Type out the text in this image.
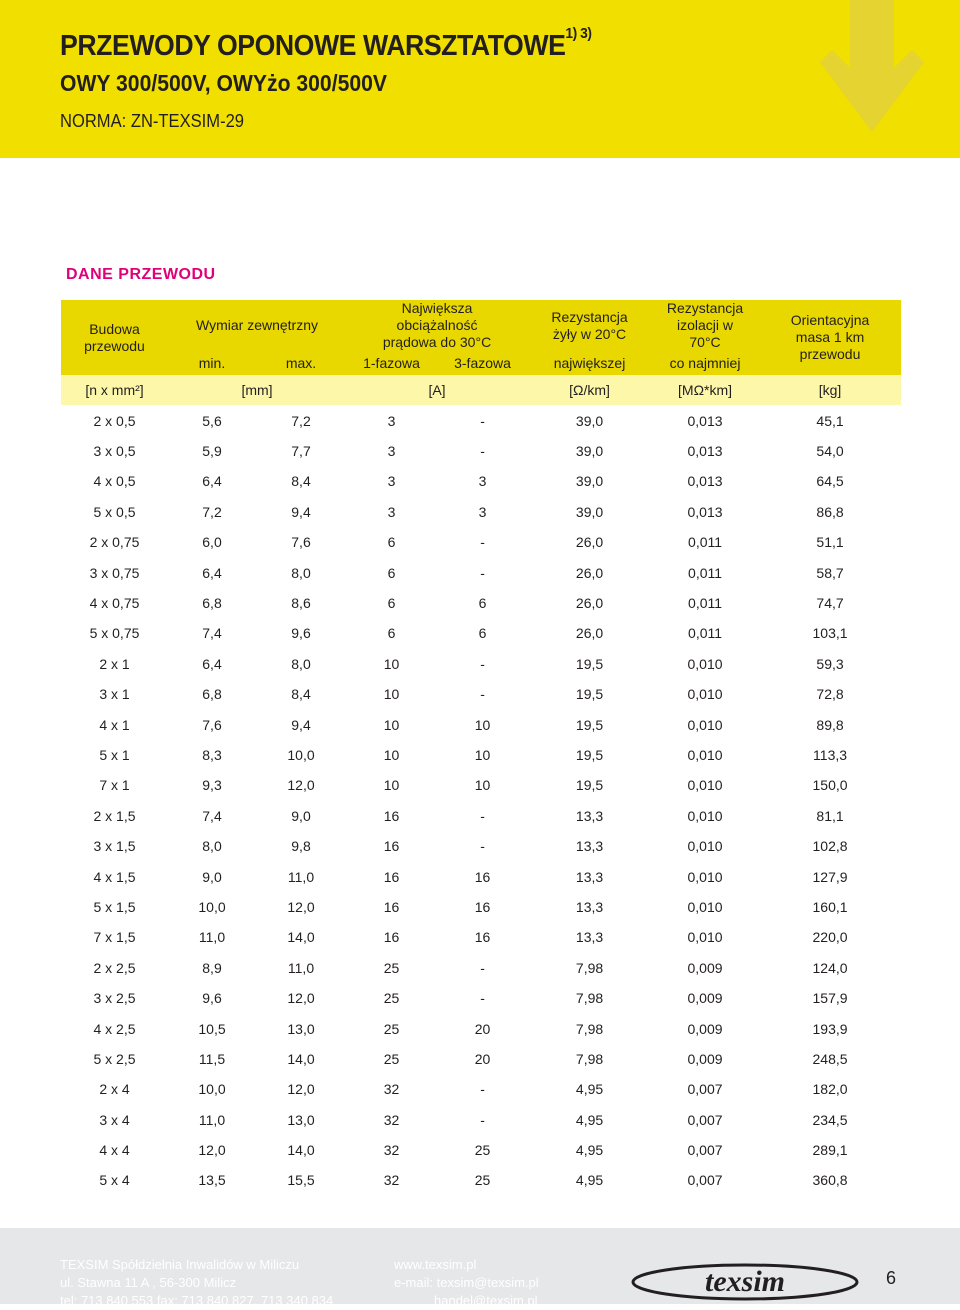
PRZEWODY OPONOWE $WARSZTATOWE^{1) 3)}$
OWY 300/500V, OWYżo 300/500V
NORMA: ZN-TEXSIM-29
DANE PRZEWODU
Budowa przewodu	Wymiar zewnętrzny		Największa obciążalność prądowa do 30°C		Rezystancja żyły w 20°C	Rezystancja izolacji w 70°C	Orientacyjna masa 1 km przewodu
	min.	max.	1-fazowa	3-fazowa	największej	co najmniej	
[n x mm²]	[mm]		[A]		[Ω/km]	[MΩ*km]	[kg]
2 x 0,5	5,6	7,2	3	-	39,0	0,013	45,1
3 x 0,5	5,9	7,7	3	-	39,0	0,013	54,0
4 x 0,5	6,4	8,4	3	3	39,0	0,013	64,5
5 x 0,5	7,2	9,4	3	3	39,0	0,013	86,8
2 x 0,75	6,0	7,6	6	-	26,0	0,011	51,1
3 x 0,75	6,4	8,0	6	-	26,0	0,011	58,7
4 x 0,75	6,8	8,6	6	6	26,0	0,011	74,7
5 x 0,75	7,4	9,6	6	6	26,0	0,011	103,1
2 x 1	6,4	8,0	10	-	19,5	0,010	59,3
3 x 1	6,8	8,4	10	-	19,5	0,010	72,8
4 x 1	7,6	9,4	10	10	19,5	0,010	89,8
5 x 1	8,3	10,0	10	10	19,5	0,010	113,3
7 x 1	9,3	12,0	10	10	19,5	0,010	150,0
2 x 1,5	7,4	9,0	16	-	13,3	0,010	81,1
3 x 1,5	8,0	9,8	16	-	13,3	0,010	102,8
4 x 1,5	9,0	11,0	16	16	13,3	0,010	127,9
5 x 1,5	10,0	12,0	16	16	13,3	0,010	160,1
7 x 1,5	11,0	14,0	16	16	13,3	0,010	220,0
2 x 2,5	8,9	11,0	25	-	7,98	0,009	124,0
3 x 2,5	9,6	12,0	25	-	7,98	0,009	157,9
4 x 2,5	10,5	13,0	25	20	7,98	0,009	193,9
5 x 2,5	11,5	14,0	25	20	7,98	0,009	248,5
2 x 4	10,0	12,0	32	-	4,95	0,007	182,0
3 x 4	11,0	13,0	32	-	4,95	0,007	234,5
4 x 4	12,0	14,0	32	25	4,95	0,007	289,1
5 x 4	13,5	15,5	32	25	4,95	0,007	360,8
TEXSIM Spółdzielnia Inwalidów w Miliczu
ul. Stawna 11 A , 56-300 Milicz
tel: 713 840 553 fax: 713 840 827, 713 340 834
www.texsim.pl
e-mail: texsim@texsim.pl
handel@texsim.pl
texsim	6
